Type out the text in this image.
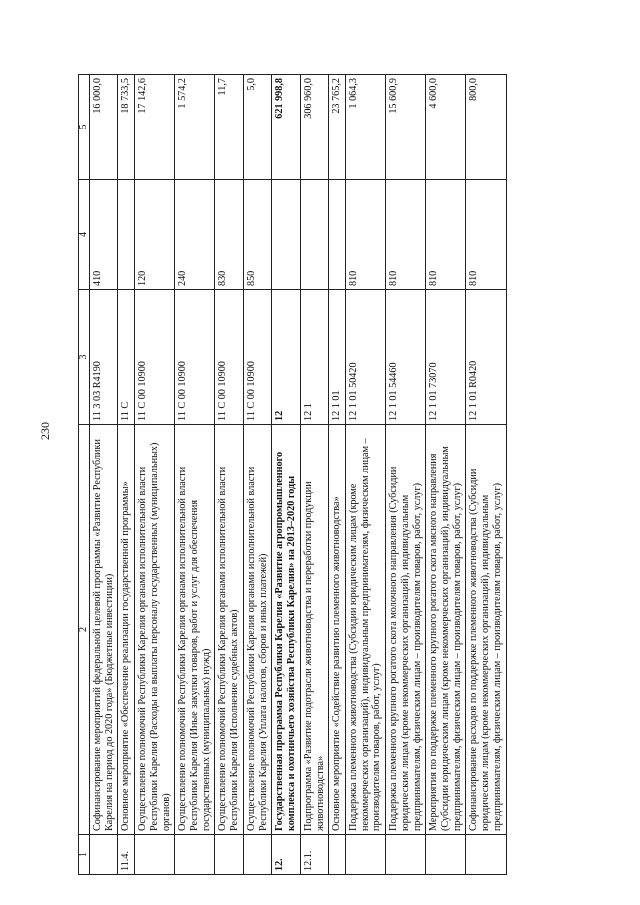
230
1	2	3	4	5
	Софинансирование мероприятий федеральной целевой программы «Развитие Республики Карелия на период до 2020 года» (Бюджетные инвестиции)	11 3 03 R4190	410	16 000,0
11.4.	Основное мероприятие «Обеспечение реализации государственной программы»	11 С		18 733,5
	Осуществление полномочий Республики Карелия органами исполнительной власти Республики Карелия (Расходы на выплаты персоналу государственных (муниципальных) органов)	11 С 00 10900	120	17 142,6
	Осуществление полномочий Республики Карелия органами исполнительной власти Республики Карелия (Иные закупки товаров, работ и услуг для обеспечения государственных (муниципальных) нужд)	11 С 00 10900	240	1 574,2
	Осуществление полномочий Республики Карелия органами исполнительной власти Республики Карелия (Исполнение судебных актов)	11 С 00 10900	830	11,7
	Осуществление полномочий Республики Карелия органами исполнительной власти Республики Карелия (Уплата налогов, сборов и иных платежей)	11 С 00 10900	850	5,0
12.	Государственная программа Республики Карелия «Развитие агропромышленного комплекса и охотничьего хозяйства Республики Карелия» на 2013–2020 годы	12		621 998,8
12.1.	Подпрограмма «Развитие подотрасли животноводства и переработки продукции животноводства»	12 1		306 960,0
	Основное мероприятие «Содействие развитию племенного животноводства»	12 1 01		23 765,2
	Поддержка племенного животноводства (Субсидии юридическим лицам (кроме некоммерческих организаций), индивидуальным предпринимателям, физическим лицам – производителям товаров, работ, услуг)	12 1 01 50420	810	1 064,3
	Поддержка племенного крупного рогатого скота молочного направления (Субсидии юридическим лицам (кроме некоммерческих организаций), индивидуальным предпринимателям, физическим лицам – производителям товаров, работ, услуг)	12 1 01 54460	810	15 600,9
	Мероприятия по поддержке племенного крупного рогатого скота мясного направления (Субсидии юридическим лицам (кроме некоммерческих организаций), индивидуальным предпринимателям, физическим лицам – производителям товаров, работ, услуг)	12 1 01 73070	810	4 600,0
	Софинансирование расходов по поддержке племенного животноводства (Субсидии юридическим лицам (кроме некоммерческих организаций), индивидуальным предпринимателям, физическим лицам – производителям товаров, работ, услуг)	12 1 01 R0420	810	800,0
